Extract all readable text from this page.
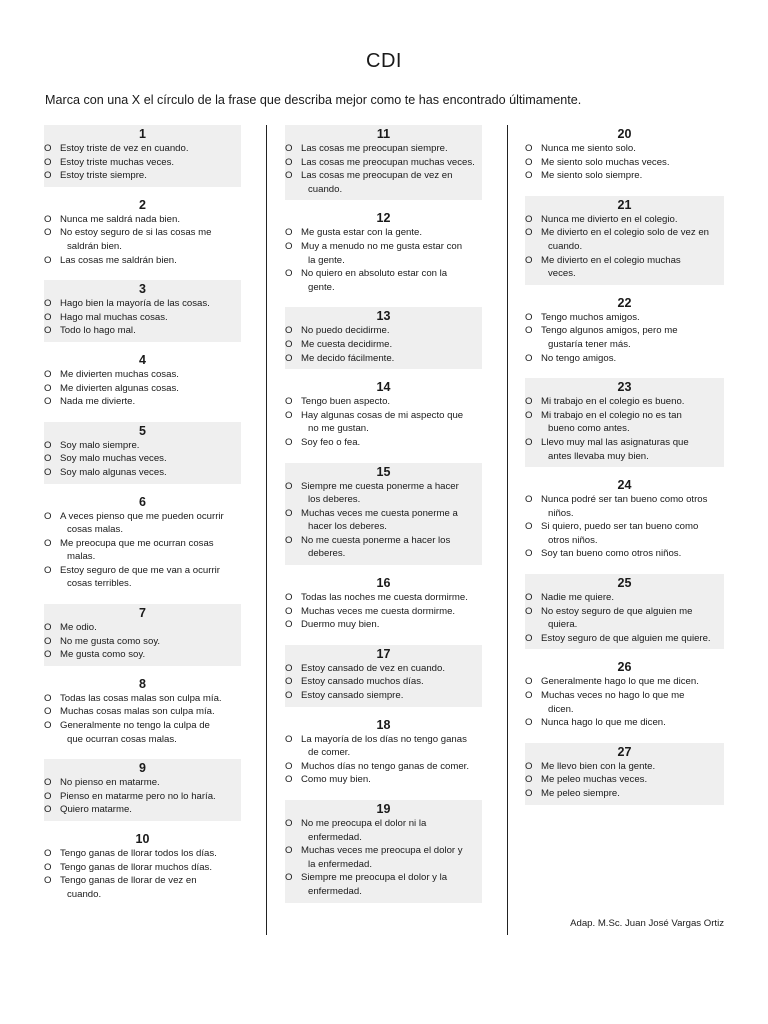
CDI
Marca con una X el círculo de la frase que describa mejor como te has encontrado últimamente.
1
O Estoy triste de vez en cuando.
O Estoy triste muchas veces.
O Estoy triste siempre.
2
O Nunca me saldrá nada bien.
O No estoy seguro de si las cosas me
saldrán bien.
O Las cosas me saldrán bien.
3
O Hago bien la mayoría de las cosas.
O Hago mal muchas cosas.
O Todo lo hago mal.
4
O Me divierten muchas cosas.
O Me divierten algunas cosas.
O Nada me divierte.
5
O Soy malo siempre.
O Soy malo muchas veces.
O Soy malo algunas veces.
6
O A veces pienso que me pueden ocurrir
cosas malas.
O Me preocupa que me ocurran cosas
malas.
O Estoy seguro de que me van a ocurrir
cosas terribles.
7
O Me odio.
O No me gusta como soy.
O Me gusta como soy.
8
O Todas las cosas malas son culpa mía.
O Muchas cosas malas son culpa mía.
O Generalmente no tengo la culpa de
que ocurran cosas malas.
9
O No pienso en matarme.
O Pienso en matarme pero no lo haría.
O Quiero matarme.
10
O Tengo ganas de llorar todos los días.
O Tengo ganas de llorar muchos días.
O Tengo ganas de llorar de vez en
cuando.
11
O Las cosas me preocupan siempre.
O Las cosas me preocupan muchas veces.
O Las cosas me preocupan de vez en
cuando.
12
O Me gusta estar con la gente.
O Muy a menudo no me gusta estar con
la gente.
O No quiero en absoluto estar con la
gente.
13
O No puedo decidirme.
O Me cuesta decidirme.
O Me decido fácilmente.
14
O Tengo buen aspecto.
O Hay algunas cosas de mi aspecto que
no me gustan.
O Soy feo o fea.
15
O Siempre me cuesta ponerme a hacer
los deberes.
O Muchas veces me cuesta ponerme a
hacer los deberes.
O No me cuesta ponerme a hacer los
deberes.
16
O Todas las noches me cuesta dormirme.
O Muchas veces me cuesta dormirme.
O Duermo muy bien.
17
O Estoy cansado de vez en cuando.
O Estoy cansado muchos días.
O Estoy cansado siempre.
18
O La mayoría de los días no tengo ganas
de comer.
O Muchos días no tengo ganas de comer.
O Como muy bien.
19
O No me preocupa el dolor ni la
enfermedad.
O Muchas veces me preocupa el dolor y
la enfermedad.
O Siempre me preocupa el dolor y la
enfermedad.
20
O Nunca me siento solo.
O Me siento solo muchas veces.
O Me siento solo siempre.
21
O Nunca me divierto en el colegio.
O Me divierto en el colegio solo de vez en
cuando.
O Me divierto en el colegio muchas
veces.
22
O Tengo muchos amigos.
O Tengo algunos amigos, pero me
gustaría tener más.
O No tengo amigos.
23
O Mi trabajo en el colegio es bueno.
O Mi trabajo en el colegio no es tan
bueno como antes.
O Llevo muy mal las asignaturas que
antes llevaba muy bien.
24
O Nunca podré ser tan bueno como otros
niños.
O Si quiero, puedo ser tan bueno como
otros niños.
O Soy tan bueno como otros niños.
25
O Nadie me quiere.
O No estoy seguro de que alguien me
quiera.
O Estoy seguro de que alguien me quiere.
26
O Generalmente hago lo que me dicen.
O Muchas veces no hago lo que me
dicen.
O Nunca hago lo que me dicen.
27
O Me llevo bien con la gente.
O Me peleo muchas veces.
O Me peleo siempre.
Adap. M.Sc. Juan José Vargas Ortiz
